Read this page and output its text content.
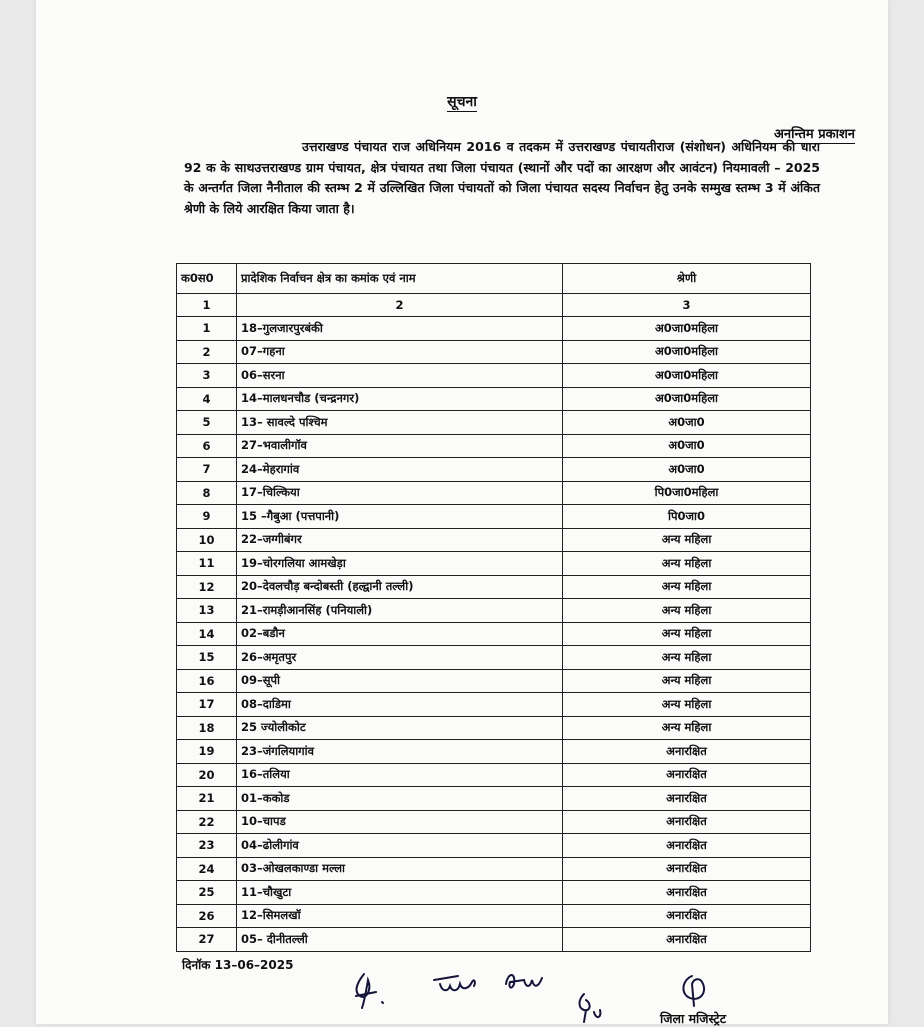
सूचना
अनन्तिम प्रकाशन
उत्तराखण्ड पंचायत राज अधिनियम 2016 व तदकम में उत्तराखण्ड पंचायतीराज (संशोधन) अधिनियम की धारा 92 क के साथउत्तराखण्ड ग्राम पंचायत, क्षेत्र पंचायत तथा जिला पंचायत (स्थानों और पदों का आरक्षण और आवंटन) नियमावली – 2025 के अन्तर्गत जिला नैनीताल की स्तम्भ 2 में उल्लिखित जिला पंचायतों को जिला पंचायत सदस्य निर्वाचन हेतु उनके सम्मुख स्तम्भ 3 में अंकित श्रेणी के लिये आरक्षित किया जाता है।
क0स0	प्रादेशिक निर्वाचन क्षेत्र का कमांक एवं नाम	श्रेणी
1	2	3
1	18–गुलजारपुरबंकी	अ0जा0महिला
2	07–गहना	अ0जा0महिला
3	06–सरना	अ0जा0महिला
4	14–मालधनचौड (चन्द्रनगर)	अ0जा0महिला
5	13– सावल्दे पश्चिम	अ0जा0
6	27–भवालीगॉव	अ0जा0
7	24–मेहरागांव	अ0जा0
8	17–चिल्किया	पि0जा0महिला
9	15 –गैबुआ (पत्तपानी)	पि0जा0
10	22–जग्गीबंगर	अन्य महिला
11	19–चोरगलिया आमखेड़ा	अन्य महिला
12	20–देवलचौड़ बन्दोबस्ती (हल्द्वानी तल्ली)	अन्य महिला
13	21–रामड़ीआनसिंह (पनियाली)	अन्य महिला
14	02–बडौन	अन्य महिला
15	26–अमृतपुर	अन्य महिला
16	09–सूपी	अन्य महिला
17	08–दाडिमा	अन्य महिला
18	25 ज्योलीकोट	अन्य महिला
19	23–जंगलियागांव	अनारक्षित
20	16–तलिया	अनारक्षित
21	01–ककोड	अनारक्षित
22	10–चापड	अनारक्षित
23	04–ढोलीगांव	अनारक्षित
24	03–ओखलकाण्डा मल्ला	अनारक्षित
25	11–चौखुटा	अनारक्षित
26	12–सिमलखॉ	अनारक्षित
27	05– दीनीतल्ली	अनारक्षित
दिनॉक 13–06–2025
जिला मजिस्ट्रेट
